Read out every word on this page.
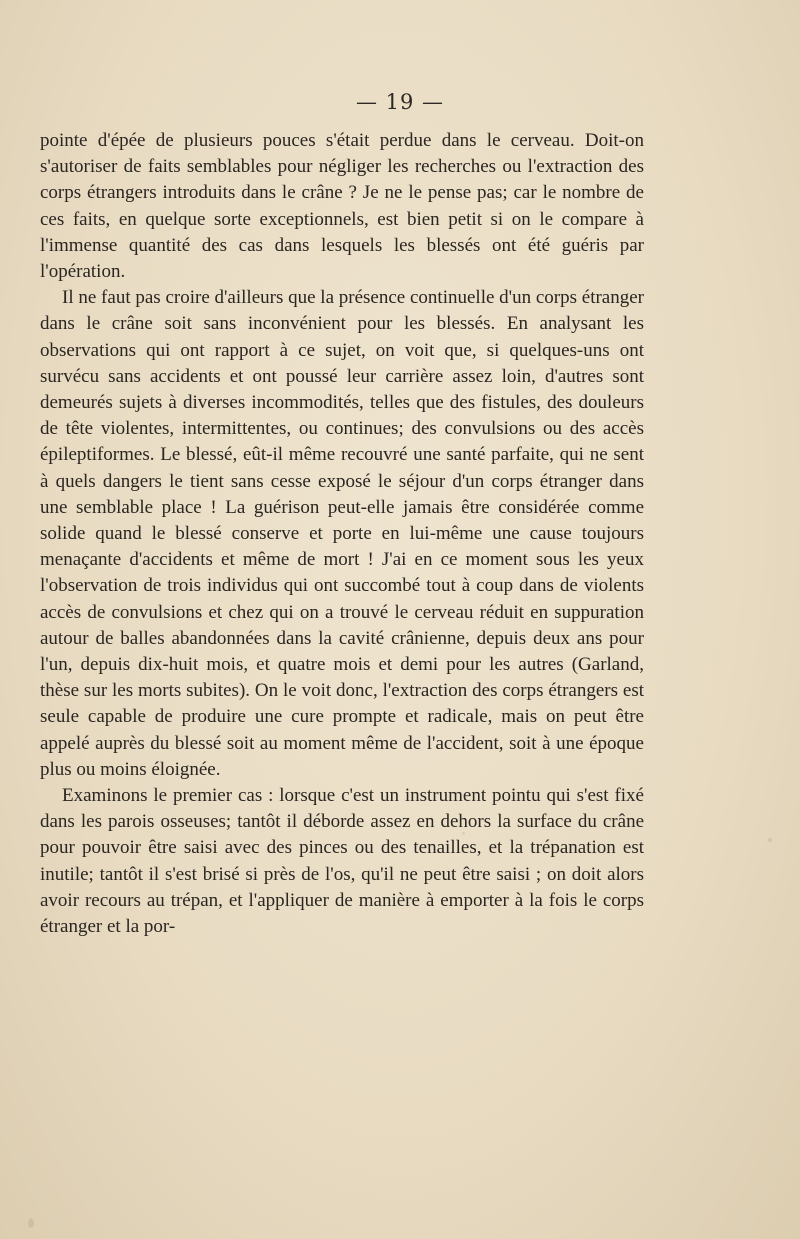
— 19 —

pointe d'épée de plusieurs pouces s'était perdue dans le cerveau. Doit-on s'autoriser de faits semblables pour négliger les recherches ou l'extraction des corps étrangers introduits dans le crâne ? Je ne le pense pas; car le nombre de ces faits, en quelque sorte exceptionnels, est bien petit si on le compare à l'immense quantité des cas dans lesquels les blessés ont été guéris par l'opération.

Il ne faut pas croire d'ailleurs que la présence continuelle d'un corps étranger dans le crâne soit sans inconvénient pour les blessés. En analysant les observations qui ont rapport à ce sujet, on voit que, si quelques-uns ont survécu sans accidents et ont poussé leur carrière assez loin, d'autres sont demeurés sujets à diverses incommodités, telles que des fistules, des douleurs de tête violentes, intermittentes, ou continues; des convulsions ou des accès épileptiformes. Le blessé, eût-il même recouvré une santé parfaite, qui ne sent à quels dangers le tient sans cesse exposé le séjour d'un corps étranger dans une semblable place ! La guérison peut-elle jamais être considérée comme solide quand le blessé conserve et porte en lui-même une cause toujours menaçante d'accidents et même de mort ! J'ai en ce moment sous les yeux l'observation de trois individus qui ont succombé tout à coup dans de violents accès de convulsions et chez qui on a trouvé le cerveau réduit en suppuration autour de balles abandonnées dans la cavité crânienne, depuis deux ans pour l'un, depuis dix-huit mois, et quatre mois et demi pour les autres (Garland, thèse sur les morts subites). On le voit donc, l'extraction des corps étrangers est seule capable de produire une cure prompte et radicale, mais on peut être appelé auprès du blessé soit au moment même de l'accident, soit à une époque plus ou moins éloignée.

Examinons le premier cas : lorsque c'est un instrument pointu qui s'est fixé dans les parois osseuses; tantôt il déborde assez en dehors la surface du crâne pour pouvoir être saisi avec des pinces ou des tenailles, et la trépanation est inutile; tantôt il s'est brisé si près de l'os, qu'il ne peut être saisi ; on doit alors avoir recours au trépan, et l'appliquer de manière à emporter à la fois le corps étranger et la por-
